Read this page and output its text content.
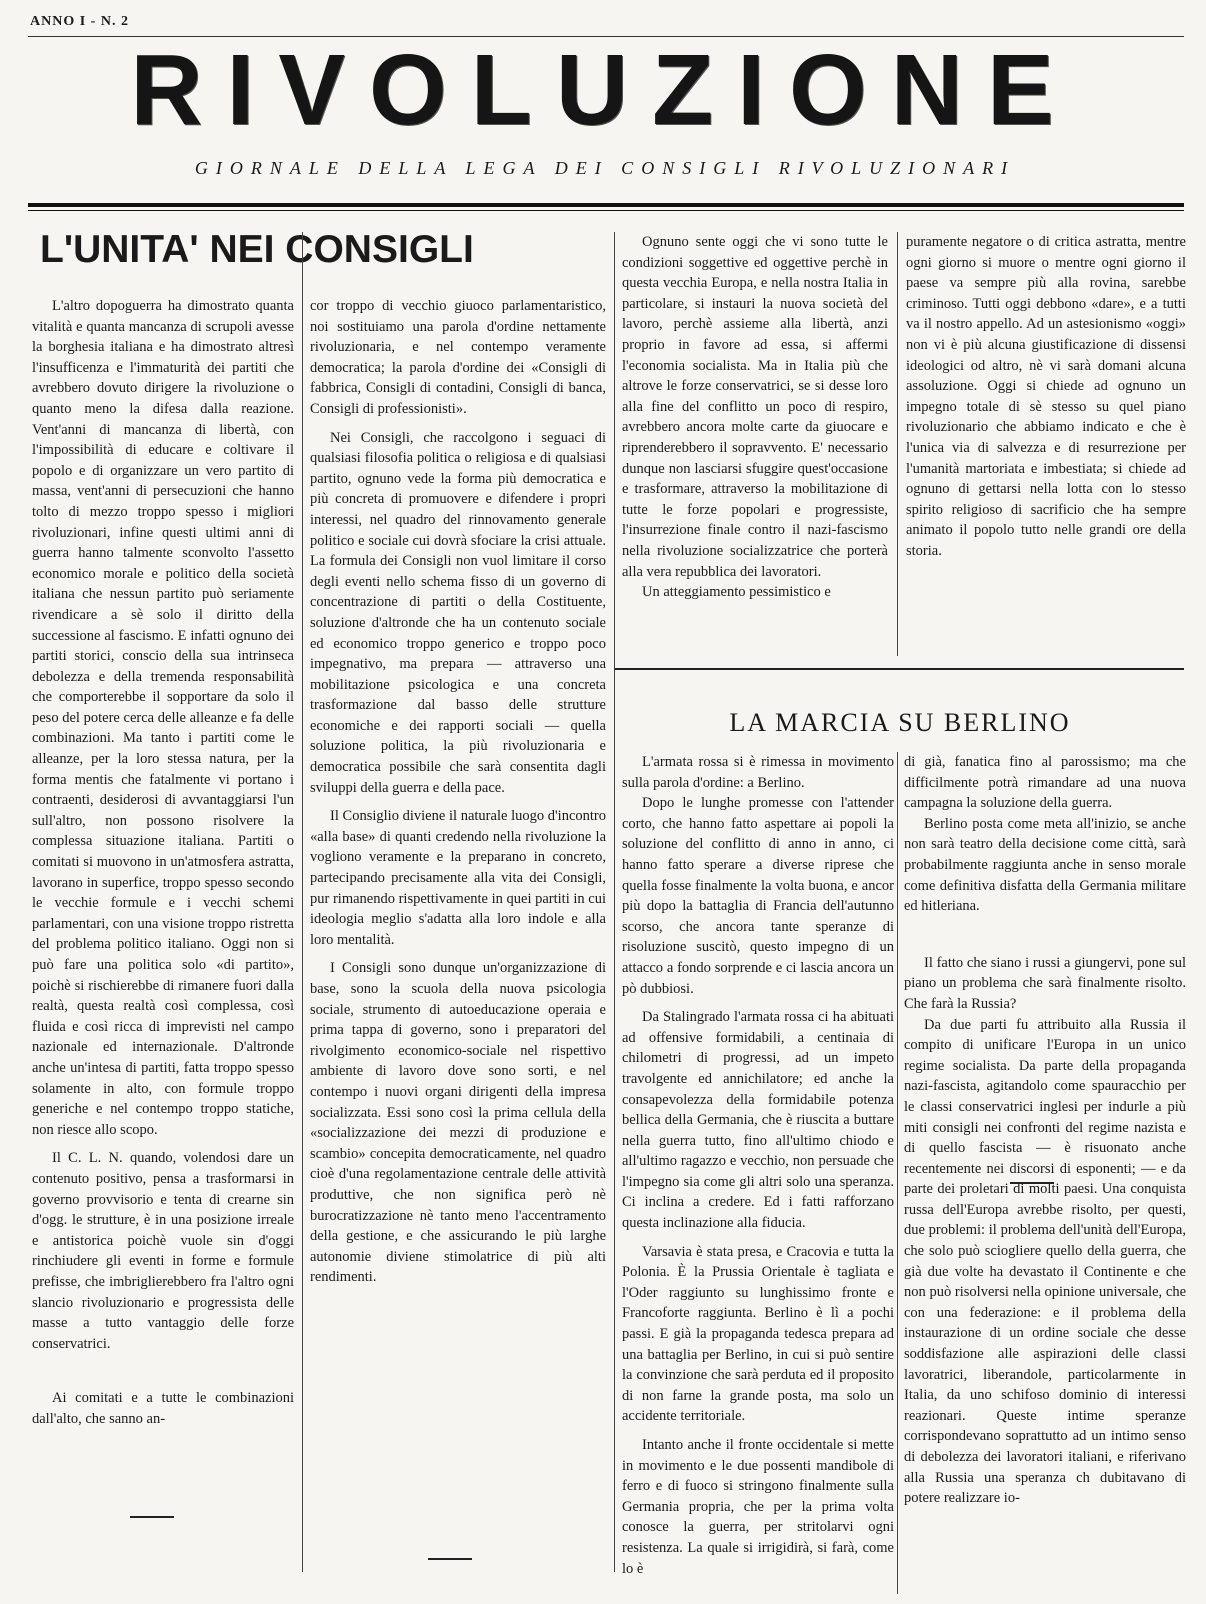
ANNO I - N. 2
RIVOLUZIONE
GIORNALE DELLA LEGA DEI CONSIGLI RIVOLUZIONARI
L'UNITA' NEI CONSIGLI

L'altro dopoguerra ha dimostrato quanta vitalità e quanta mancanza di scrupoli avesse la borghesia italiana e ha dimostrato altresì l'insufficenza e l'immaturità dei partiti che avrebbero dovuto dirigere la rivoluzione o quanto meno la difesa dalla reazione. Vent'anni di mancanza di libertà, con l'impossibilità di educare e coltivare il popolo e di organizzare un vero partito di massa, vent'anni di persecuzioni che hanno tolto di mezzo troppo spesso i migliori rivoluzionari, infine questi ultimi anni di guerra hanno talmente sconvolto l'assetto economico morale e politico della società italiana che nessun partito può seriamente rivendicare a sè solo il diritto della successione al fascismo. E infatti ognuno dei partiti storici, conscio della sua intrinseca debolezza e della tremenda responsabilità che comporterebbe il sopportare da solo il peso del potere cerca delle alleanze e fa delle combinazioni. Ma tanto i partiti come le alleanze, per la loro stessa natura, per la forma mentis che fatalmente vi portano i contraenti, desiderosi di avvantaggiarsi l'un sull'altro, non possono risolvere la complessa situazione italiana. Partiti o comitati si muovono in un'atmosfera astratta, lavorano in superfice, troppo spesso secondo le vecchie formule e i vecchi schemi parlamentari, con una visione troppo ristretta del problema politico italiano. Oggi non si può fare una politica solo «di partito», poichè si rischierebbe di rimanere fuori dalla realtà, questa realtà così complessa, così fluida e così ricca di imprevisti nel campo nazionale ed internazionale. D'altronde anche un'intesa di partiti, fatta troppo spesso solamente in alto, con formule troppo generiche e nel contempo troppo statiche, non riesce allo scopo.

Il C. L. N. quando, volendosi dare un contenuto positivo, pensa a trasformarsi in governo provvisorio e tenta di crearne sin d'ogg. le strutture, è in una posizione irreale e antistorica poichè vuole sin d'oggi rinchiudere gli eventi in forme e formule prefisse, che imbriglierebbero fra l'altro ogni slancio rivoluzionario e progressista delle masse a tutto vantaggio delle forze conservatrici.

Ai comitati e a tutte le combinazioni dall'alto, che sanno an-

cor troppo di vecchio giuoco parlamentaristico, noi sostituiamo una parola d'ordine nettamente rivoluzionaria, e nel contempo veramente democratica; la parola d'ordine dei «Consigli di fabbrica, Consigli di contadini, Consigli di banca, Consigli di professionisti».

Nei Consigli, che raccolgono i seguaci di qualsiasi filosofia politica o religiosa e di qualsiasi partito, ognuno vede la forma più democratica e più concreta di promuovere e difendere i propri interessi, nel quadro del rinnovamento generale politico e sociale cui dovrà sfociare la crisi attuale. La formula dei Consigli non vuol limitare il corso degli eventi nello schema fisso di un governo di concentrazione di partiti o della Costituente, soluzione d'altronde che ha un contenuto sociale ed economico troppo generico e troppo poco impegnativo, ma prepara — attraverso una mobilitazione psicologica e una concreta trasformazione dal basso delle strutture economiche e dei rapporti sociali — quella soluzione politica, la più rivoluzionaria e democratica possibile che sarà consentita dagli sviluppi della guerra e della pace.

Il Consiglio diviene il naturale luogo d'incontro «alla base» di quanti credendo nella rivoluzione la vogliono veramente e la preparano in concreto, partecipando precisamente alla vita dei Consigli, pur rimanendo rispettivamente in quei partiti in cui ideologia meglio s'adatta alla loro indole e alla loro mentalità.

I Consigli sono dunque un'organizzazione di base, sono la scuola della nuova psicologia sociale, strumento di autoeducazione operaia e prima tappa di governo, sono i preparatori del rivolgimento economico-sociale nel rispettivo ambiente di lavoro dove sono sorti, e nel contempo i nuovi organi dirigenti della impresa socializzata. Essi sono così la prima cellula della «socializzazione dei mezzi di produzione e scambio» concepita democraticamente, nel quadro cioè d'una regolamentazione centrale delle attività produttive, che non significa però nè burocratizzazione nè tanto meno l'accentramento della gestione, e che assicurando le più larghe autonomie diviene stimolatrice di più alti rendimenti.

Ognuno sente oggi che vi sono tutte le condizioni soggettive ed oggettive perchè in questa vecchia Europa, e nella nostra Italia in particolare, si instauri la nuova società del lavoro, perchè assieme alla libertà, anzi proprio in favore ad essa, si affermi l'economia socialista. Ma in Italia più che altrove le forze conservatrici, se si desse loro alla fine del conflitto un poco di respiro, avrebbero ancora molte carte da giuocare e riprenderebbero il sopravvento. E' necessario dunque non lasciarsi sfuggire quest'occasione e trasformare, attraverso la mobilitazione di tutte le forze popolari e progressiste, l'insurrezione finale contro il nazi-fascismo nella rivoluzione socializzatrice che porterà alla vera repubblica dei lavoratori.

Un atteggiamento pessimistico e

puramente negatore o di critica astratta, mentre ogni giorno si muore o mentre ogni giorno il paese va sempre più alla rovina, sarebbe criminoso. Tutti oggi debbono «dare», e a tutti va il nostro appello. Ad un astesionismo «oggi» non vi è più alcuna giustificazione di dissensi ideologici od altro, nè vi sarà domani alcuna assoluzione. Oggi si chiede ad ognuno un impegno totale di sè stesso su quel piano rivoluzionario che abbiamo indicato e che è l'unica via di salvezza e di resurrezione per l'umanità martoriata e imbestiata; si chiede ad ognuno di gettarsi nella lotta con lo stesso spirito religioso di sacrificio che ha sempre animato il popolo tutto nelle grandi ore della storia.

LA MARCIA SU BERLINO

L'armata rossa si è rimessa in movimento sulla parola d'ordine: a Berlino.

Dopo le lunghe promesse con l'attender corto, che hanno fatto aspettare ai popoli la soluzione del conflitto di anno in anno, ci hanno fatto sperare a diverse riprese che quella fosse finalmente la volta buona, e ancor più dopo la battaglia di Francia dell'autunno scorso, che ancora tante speranze di risoluzione suscitò, questo impegno di un attacco a fondo sorprende e ci lascia ancora un pò dubbiosi.

Da Stalingrado l'armata rossa ci ha abituati ad offensive formidabili, a centinaia di chilometri di progressi, ad un impeto travolgente ed annichilatore; ed anche la consapevolezza della formidabile potenza bellica della Germania, che è riuscita a buttare nella guerra tutto, fino all'ultimo chiodo e all'ultimo ragazzo e vecchio, non persuade che l'impegno sia come gli altri solo una speranza. Ci inclina a credere. Ed i fatti rafforzano questa inclinazione alla fiducia.

Varsavia è stata presa, e Cracovia e tutta la Polonia. È la Prussia Orientale è tagliata e l'Oder raggiunto su lunghissimo fronte e Francoforte raggiunta. Berlino è lì a pochi passi. E già la propaganda tedesca prepara ad una battaglia per Berlino, in cui si può sentire la convinzione che sarà perduta ed il proposito di non farne la grande posta, ma solo un accidente territoriale.

Intanto anche il fronte occidentale si mette in movimento e le due possenti mandibole di ferro e di fuoco si stringono finalmente sulla Germania propria, che per la prima volta conosce la guerra, per stritolarvi ogni resistenza. La quale si irrigidirà, si farà, come lo è

di già, fanatica fino al parossismo; ma che difficilmente potrà rimandare ad una nuova campagna la soluzione della guerra.

Berlino posta come meta all'inizio, se anche non sarà teatro della decisione come città, sarà probabilmente raggiunta anche in senso morale come definitiva disfatta della Germania militare ed hitleriana.

Il fatto che siano i russi a giungervi, pone sul piano un problema che sarà finalmente risolto. Che farà la Russia?

Da due parti fu attribuito alla Russia il compito di unificare l'Europa in un unico regime socialista. Da parte della propaganda nazi-fascista, agitandolo come spauracchio per le classi conservatrici inglesi per indurle a più miti consigli nei confronti del regime nazista e di quello fascista — è risuonato anche recentemente nei discorsi di esponenti; — e da parte dei proletari di molti paesi. Una conquista russa dell'Europa avrebbe risolto, per questi, due problemi: il problema dell'unità dell'Europa, che solo può sciogliere quello della guerra, che già due volte ha devastato il Continente e che non può risolversi nella opinione universale, che con una federazione: e il problema della instaurazione di un ordine sociale che desse soddisfazione alle aspirazioni delle classi lavoratrici, liberandole, particolarmente in Italia, da uno schifoso dominio di interessi reazionari. Queste intime speranze corrispondevano soprattutto ad un intimo senso di debolezza dei lavoratori italiani, e riferivano alla Russia una speranza ch dubitavano di potere realizzare io-
